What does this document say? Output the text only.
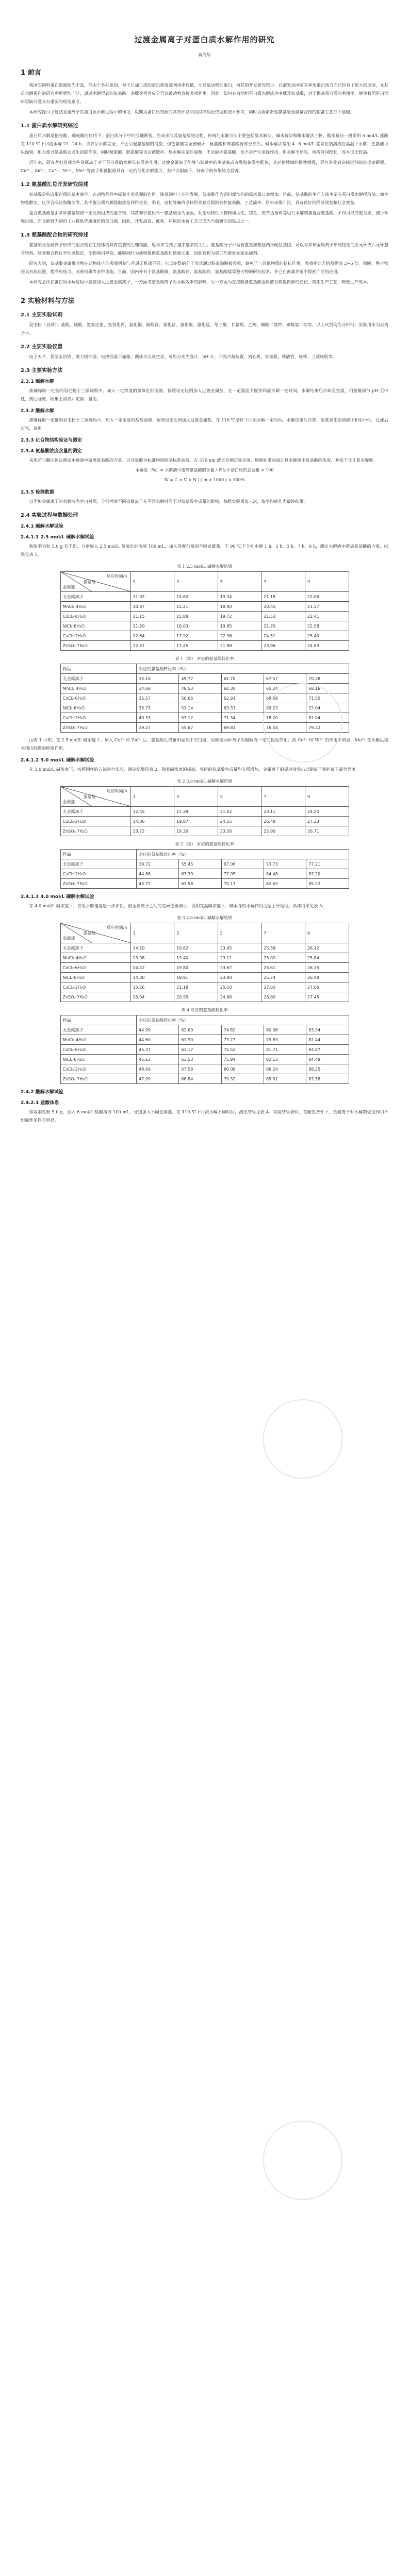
过渡金属离子对蛋白质水解作用的研究
蒋海华
1 前言

我国的饲料蛋白资源较为丰富，但由于各种原因，对于已加工成的蛋白质资源利用率较低，尤其是动物性蛋白，对其的开发研究较少。目前发达国家在利用蛋白质方面已经有了很大的进展，尤其是水解蛋白的研究利用更加广泛，通过水解得到的氨基酸、多肽等营养成分可以被动物直接吸收利用。因此，如何有效地把蛋白质水解成为多肽及氨基酸，对于提高蛋白质的利用率、解决我国蛋白饲料短缺问题具有重要的现实意义。

本研究探讨了过渡金属离子在蛋白质水解过程中的作用，以期为蛋白质资源的高效开发利用提供理论依据和技术参考，同时为探索新型氨基酸金属螯合物的制备工艺打下基础。

1.1 蛋白质水解研究综述

蛋白质水解是指在酸、碱或酶的作用下，蛋白质分子中的肽键断裂，生成多肽及氨基酸的过程。传统的水解方法主要包括酸水解法、碱水解法和酶水解法三种。酸水解法一般采用 6 mol/L 盐酸在 110 ℃下回流水解 22~24 h，该方法水解完全，不会引起氨基酸的消旋，但色氨酸完全被破坏，丝氨酸和苏氨酸有部分损失。碱水解法常用 4~6 mol/L 氢氧化钠溶液在高温下水解，色氨酸可以保留，但大部分氨基酸会发生消旋作用，同时精氨酸、胱氨酸等也会被破坏。酶水解法条件温和，不会破坏氨基酸，也不会产生消旋作用，但水解不彻底，所需时间较长，成本也比较高。

近年来，研究者们发现某些金属离子对于蛋白质的水解具有促进作用。过渡金属离子能够与肽键中的羰基氧或者酰胺氮发生配位，从而使肽键的极性增强，更容易受到亲核试剂的进攻而断裂。Cu²⁺、Zn²⁺、Co²⁺、Ni²⁺、Mn²⁺等离子都被报道具有一定的催化水解能力，其中以铜离子、锌离子的效果较为显著。

1.2 氨基酸汇总开发研究综述

氨基酸是构成蛋白质的基本单位，在动物营养中起着非常重要的作用。随着饲料工业的发展，氨基酸作为饲料添加剂的需求量日益增加。目前，氨基酸的生产方法主要有蛋白质水解提取法、微生物发酵法、化学合成法和酶法等。其中蛋白质水解提取法是利用毛发、羽毛、血粉等廉价原料经水解后提取各种氨基酸，工艺简单，原料来源广泛，具有良好的经济效益和社会效益。

复合氨基酸是由多种氨基酸按一定比例组成的混合物，其营养价值比单一氨基酸更为全面。利用动物性下脚料如羽毛、猪毛、皮革边角料等进行水解制备复合氨基酸，不仅可以变废为宝、减少环境污染，而且能够为饲料工业提供优质廉价的蛋白源。因此，开发高效、低耗、环保的水解工艺已成为当前研究的热点之一。

1.3 氨基酸配合物的研究综述

氨基酸与金属离子形成的配合物在生物体内具有重要的生理功能，近年来受到了越来越多的关注。氨基酸分子中含有氨基和羧基两种配位基团，可以与多种金属离子形成稳定的五元环或六元环螯合结构。这类螯合物化学性质稳定，生物利用率高，能够同时为动物提供氨基酸和微量元素，因此被称为第三代微量元素添加剂。

研究表明，氨基酸金属螯合物在动物体内的吸收机制与普通无机盐不同，它以完整的分子形式通过肠道黏膜被吸收，避免了与其他物质的拮抗作用，吸收率比无机盐提高 2~6 倍。同时，螯合物还具有抗应激、提高免疫力、改善肉质等多种功能。目前，国内外对于氨基酸铜、氨基酸锌、氨基酸铁、氨基酸锰等螯合物的研究较多，并已在畜禽养殖中得到广泛的应用。

本研究尝试在蛋白质水解过程中直接加入过渡金属离子，一方面考察金属离子对水解效率的影响，另一方面为直接制备氨基酸金属螯合物提供新的途径，简化生产工艺，降低生产成本。

2 实验材料与方法
2.1 主要实验试剂

羽毛粉（自制）；盐酸、硫酸、氢氧化钠、氢氧化钙、氯化铜、硫酸锌、氯化钴、氯化镍、氯化锰、茚三酮、甘氨酸、乙醇、磷酸二氢钾、磷酸氢二钠等，以上试剂均为分析纯；实验用水为去离子水。

2.2 主要实验仪器

电子天平、恒温水浴锅、磁力搅拌器、电热恒温干燥箱、循环水式真空泵、可见分光光度计、pH 计、回流冷凝装置、离心机、容量瓶、移液管、烧杯、三颈烧瓶等。

2.3 主要实验方法
2.3.1 碱解水解

准确称取一定量的羽毛粉于三颈烧瓶中，加入一定浓度的氢氧化钠溶液，按照设定比例加入过渡金属盐，在一定温度下搅拌回流水解一定时间。水解结束后冷却至室温，用盐酸调节 pH 至中性，离心分离，收集上清液并定容，备用。

2.3.2 酸解水解

准确称取一定量的羽毛粉于三颈烧瓶中，加入一定浓度的盐酸溶液，按照设定比例加入过渡金属盐，在 110 ℃条件下回流水解一定时间。水解结束后冷却，用氢氧化钠溶液中和至中性，过滤后定容，备用。

2.3.3 化合物结构验证与测定
2.3.4 氨基酸浓度含量的测定

采用茚三酮比色法测定水解液中游离氨基酸的含量。以甘氨酸为标准物质绘制标准曲线，在 570 nm 波长处测定吸光度，根据标准曲线计算水解液中氨基酸的浓度，并按下式计算水解度：

水解度（%）= 水解液中游离氨基酸的含量 / 样品中蛋白质的总含量 × 100
W = C × V × N / ( m × 1000 ) × 100%
2.3.5 检测数据

以不加金属离子的水解液为空白对照，分别考察不同金属离子在不同水解时间下对氨基酸生成量的影响，每组实验重复三次，取平均值作为最终结果。

2.4 实验过程与数据处理
2.4.1 碱解水解试验
2.4.1.1 2.5 mol/L 碱解水解试验

称取羽毛粉 5.0 g 若干份，分别加入 2.5 mol/L 氢氧化钠溶液 100 mL，加入等摩尔量的不同金属盐，于 90 ℃下分别水解 1 h、3 h、5 h、7 h、9 h，测定水解液中游离氨基酸的含量，结果见表 1。

表 1 2.5 mol/L 碱解水解结果
反应时间/h
氨基酸
金属盐	1	3	5	7	9
无金属离子	11.02	15.60	19.34	21.18	22.06
MnCl₂·4H₂O	10.87	15.21	18.90	20.45	21.37
CoCl₂·6H₂O	11.15	15.88	19.72	21.53	22.41
NiCl₂·6H₂O	11.20	16.03	19.85	21.70	22.58
CuCl₂·2H₂O	12.64	17.92	22.36	24.51	25.40
ZnSO₄·7H₂O	12.31	17.45	21.88	23.96	24.83
表 1（续） 对应的氨基酸转化率
样品	对应的氨基酸转化率（%）				
无金属离子	35.16	49.77	61.70	67.57	70.38
MnCl₂·4H₂O	34.68	48.53	60.30	65.24	68.18
CoCl₂·6H₂O	35.57	50.66	62.91	68.68	71.50
NiCl₂·6H₂O	35.73	51.14	63.33	69.23	72.04
CuCl₂·2H₂O	40.33	57.17	71.34	78.20	81.04
ZnSO₄·7H₂O	39.27	55.67	69.81	76.44	79.22

由表 1 可知，在 2.5 mol/L 碱浓度下，加入 Cu²⁺ 和 Zn²⁺ 后，氨基酸生成量明显高于空白组，说明这两种离子对碱解有一定的促进作用；而 Co²⁺ 和 Ni²⁺ 的作用不明显，Mn²⁺ 在水解后期表现出轻微的抑制作用。

2.4.1.2 3.0 mol/L 碱解水解试验

在 3.0 mol/L 碱浓度下，按照同样的方法进行实验，测定结果见表 2。随着碱浓度的提高，各组的氨基酸生成量均有所增加，金属离子的促进效果仍以铜离子和锌离子最为显著。

表 2 3.0 mol/L 碱解水解结果
反应时间/h
氨基酸
金属盐	1	3	5	7	9
无金属离子	12.45	17.38	21.02	23.11	24.20
CuCl₂·2H₂O	14.06	19.87	24.15	26.48	27.33
ZnSO₄·7H₂O	13.72	19.30	23.56	25.90	26.71
表 2（续） 对应的氨基酸转化率
样品	对应的氨基酸转化率（%）				
无金属离子	39.72	55.45	67.06	73.73	77.21
CuCl₂·2H₂O	44.86	63.39	77.05	84.48	87.20
ZnSO₄·7H₂O	43.77	61.58	75.17	82.63	85.22
2.4.1.3 4.0 mol/L 碱解水解试验

在 4.0 mol/L 碱浓度下，各组水解速度进一步加快，但金属离子之间的差异逐渐减小，说明在高碱浓度下，碱本身的水解作用占据主导地位。具体结果见表 3。

表 3 4.0 mol/L 碱解水解结果
反应时间/h
氨基酸
金属盐	1	3	5	7	9
无金属离子	14.10	19.62	23.45	25.38	26.12
MnCl₂·4H₂O	13.98	19.40	23.11	25.02	25.84
CoCl₂·6H₂O	14.22	19.80	23.67	25.61	26.35
NiCl₂·6H₂O	14.30	19.91	23.80	25.74	26.48
CuCl₂·2H₂O	15.26	21.18	25.10	27.03	27.66
ZnSO₄·7H₂O	15.04	20.95	24.86	26.80	27.45
表 4 对应的氨基酸转化率
样品	对应的氨基酸转化率（%）				
无金属离子	44.99	62.60	74.82	80.98	83.34
MnCl₂·4H₂O	44.60	61.90	73.73	79.83	82.44
CoCl₂·6H₂O	45.37	63.17	75.52	81.71	84.07
NiCl₂·6H₂O	45.63	63.53	75.94	82.13	84.49
CuCl₂·2H₂O	48.69	67.58	80.08	86.24	88.25
ZnSO₄·7H₂O	47.99	66.84	79.32	85.51	87.58
2.4.2 酸解水解试验
2.4.2.1 盐酸体系

称取羽毛粉 5.0 g，加入 6 mol/L 盐酸溶液 100 mL，分别加入不同金属盐，在 110 ℃下回流水解不同时间，测定结果见表 4。实验结果表明，在酸性条件下，金属离子对水解的促进作用不如碱性条件下明显。
